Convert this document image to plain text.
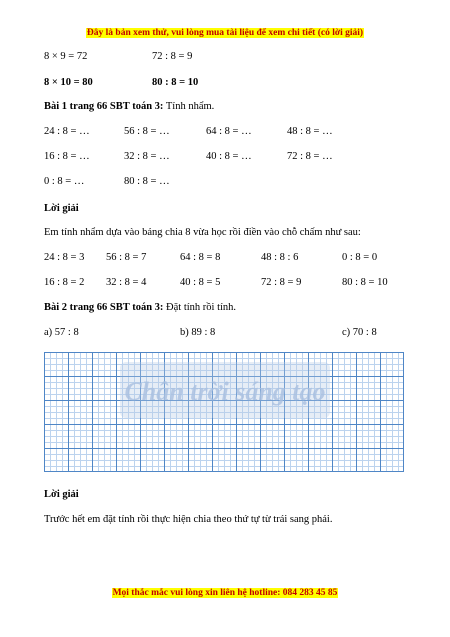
Đây là bản xem thử, vui lòng mua tài liệu để xem chi tiết (có lời giải)
8 × 9 = 72	72 : 8 = 9
8 × 10 = 80	80 : 8 = 10
Bài 1 trang 66 SBT toán 3: Tính nhẩm.
24 : 8 = …	56 : 8 = …	64 : 8 = …	48 : 8 = …
16 : 8 = …	32 : 8 = …	40 : 8 = …	72 : 8 = …
0 : 8 = …	80 : 8 = …
Lời giải
Em tính nhẩm dựa vào bảng chia 8 vừa học rồi điền vào chỗ chấm như sau:
24 : 8 = 3 56 : 8 = 7	64 : 8 = 8	48 : 8 : 6	0 : 8 = 0
16 : 8 = 2 32 : 8 = 4	40 : 8 = 5	72 : 8 = 9	80 : 8 = 10
Bài 2 trang 66 SBT toán 3: Đặt tính rồi tính.
a) 57 : 8	b) 89 : 8	c) 70 : 8
Chân trời sáng tạo
Lời giải
Trước hết em đặt tính rồi thực hiện chia theo thứ tự từ trái sang phải.
Mọi thắc mắc vui lòng xin liên hệ hotline: 084 283 45 85
